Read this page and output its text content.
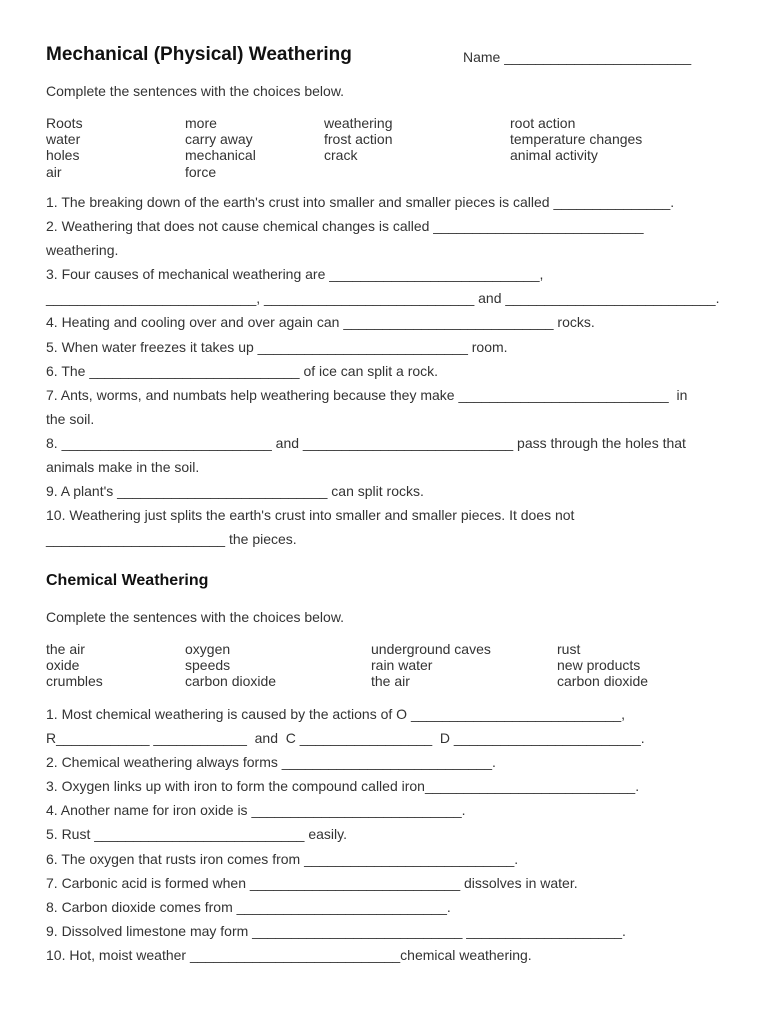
Mechanical (Physical) Weathering	Name ________________________
Complete the sentences with the choices below.
Roots
water
holes
air
more
carry away
mechanical
force
weathering
frost action
crack
root action
temperature changes
animal activity
1. The breaking down of the earth's crust into smaller and smaller pieces is called _______________.
2. Weathering that does not cause chemical changes is called ___________________________
weathering.
3. Four causes of mechanical weathering are ___________________________,
___________________________, ___________________________ and ___________________________.
4. Heating and cooling over and over again can ___________________________ rocks.
5. When water freezes it takes up ___________________________ room.
6. The ___________________________ of ice can split a rock.
7. Ants, worms, and numbats help weathering because they make ___________________________  in
the soil.
8. ___________________________ and ___________________________ pass through the holes that
animals make in the soil.
9. A plant's ___________________________ can split rocks.
10. Weathering just splits the earth's crust into smaller and smaller pieces. It does not
_______________________ the pieces.
Chemical Weathering
Complete the sentences with the choices below.
the air
oxide
crumbles
oxygen
speeds
carbon dioxide
underground caves
rain water
the air
rust
new products
carbon dioxide
1. Most chemical weathering is caused by the actions of O ___________________________,
R____________ ____________  and  C _________________  D ________________________.
2. Chemical weathering always forms ___________________________.
3. Oxygen links up with iron to form the compound called iron___________________________.
4. Another name for iron oxide is ___________________________.
5. Rust ___________________________ easily.
6. The oxygen that rusts iron comes from ___________________________.
7. Carbonic acid is formed when ___________________________ dissolves in water.
8. Carbon dioxide comes from ___________________________.
9. Dissolved limestone may form ___________________________ ____________________.
10. Hot, moist weather ___________________________chemical weathering.
